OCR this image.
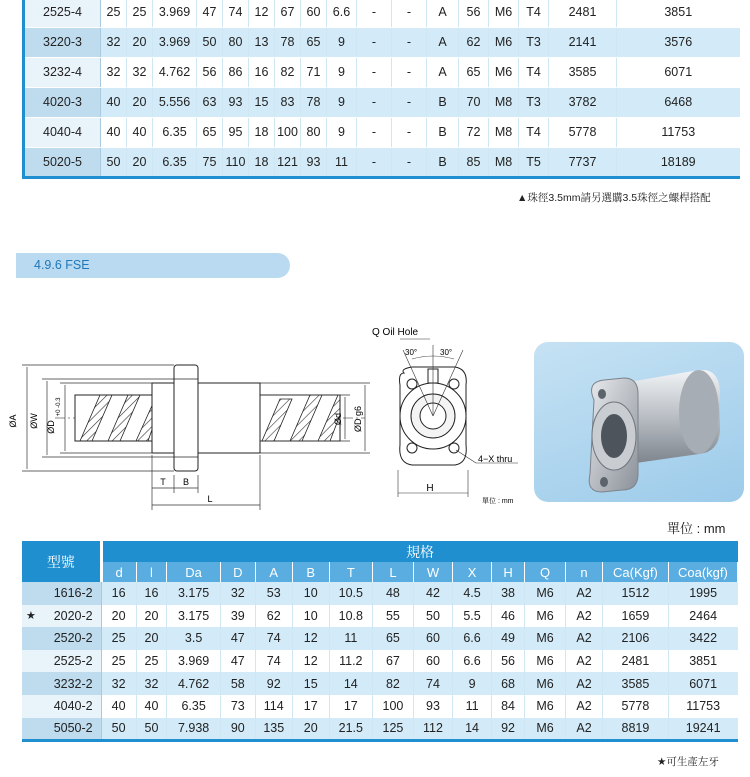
2525-4	25	25	3.969	47	74	12	67	60	6.6	-	-	A	56	M6	T4	2481	3851
3220-3	32	20	3.969	50	80	13	78	65	9	-	-	A	62	M6	T3	2141	3576
3232-4	32	32	4.762	56	86	16	82	71	9	-	-	A	65	M6	T4	3585	6071
4020-3	40	20	5.556	63	93	15	83	78	9	-	-	B	70	M8	T3	3782	6468
4040-4	40	40	6.35	65	95	18	100	80	9	-	-	B	72	M8	T4	5778	11753
5020-5	50	20	6.35	75	110	18	121	93	11	-	-	B	85	M8	T5	7737	18189
▲珠徑3.5mm請另選購3.5珠徑之螺桿搭配
4.9.6 FSE
ØA ØW ØD
+0 -0.3
Ød ØD g6
T B
L
Q Oil Hole
30°	30°
4−X thru
H
單位 : mm
單位 : mm
型號	規格														
	d	l	Da	D	A	B	T	L	W	X	H	Q	n	Ca(Kgf)	Coa(kgf)
1616-2	16	16	3.175	32	53	10	10.5	48	42	4.5	38	M6	A2	1512	1995

★ 2020-2	20	20	3.175	39	62	10	10.8	55	50	5.5	46	M6	A2	1659	2464
2520-2	25	20	3.5	47	74	12	11	65	60	6.6	49	M6	A2	2106	3422
2525-2	25	25	3.969	47	74	12	11.2	67	60	6.6	56	M6	A2	2481	3851
3232-2	32	32	4.762	58	92	15	14	82	74	9	68	M6	A2	3585	6071
4040-2	40	40	6.35	73	114	17	17	100	93	11	84	M6	A2	5778	11753
5050-2	50	50	7.938	90	135	20	21.5	125	112	14	92	M6	A2	8819	19241
★可生產左牙
